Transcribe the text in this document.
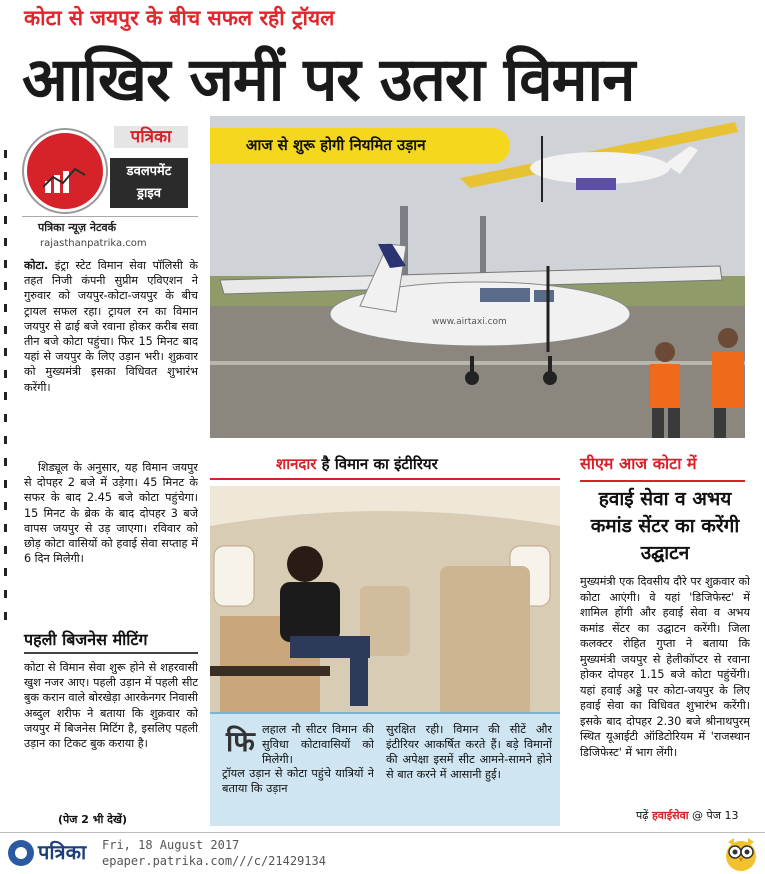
कोटा से जयपुर के बीच सफल रही ट्रॉयल
आखिर जमीं पर उतरा विमान
पत्रिका
डवलपमेंट
ड्राइव
पत्रिका न्यूज़ नेटवर्क
rajasthanpatrika.com
कोटा. इंट्रा स्टेट विमान सेवा पॉलिसी के तहत निजी कंपनी सुप्रीम एविएशन ने गुरुवार को जयपुर-कोटा-जयपुर के बीच ट्रायल सफल रहा। ट्रायल रन का विमान जयपुर से ढाई बजे रवाना होकर करीब सवा तीन बजे कोटा पहुंचा। फिर 15 मिनट बाद यहां से जयपुर के लिए उड़ान भरी। शुक्रवार को मुख्यमंत्री इसका विधिवत शुभारंभ करेंगी।
शिड्यूल के अनुसार, यह विमान जयपुर से दोपहर 2 बजे में उड़ेगा। 45 मिनट के सफर के बाद 2.45 बजे कोटा पहुंचेगा। 15 मिनट के ब्रेक के बाद दोपहर 3 बजे वापस जयपुर से उड़ जाएगा। रविवार को छोड़ कोटा वासियों को हवाई सेवा सप्ताह में 6 दिन मिलेगी।
पहली बिजनेस मीटिंग
कोटा से विमान सेवा शुरू होने से शहरवासी खुश नजर आए। पहली उड़ान में पहली सीट बुक करान वाले बोरखेड़ा आरकेनगर निवासी अब्दुल शरीफ ने बताया कि शुक्रवार को जयपुर में बिजनेस मिटिंग है, इसलिए पहली उड़ान का टिकट बुक कराया है।
(पेज 2 भी देखें)
www.airtaxi.com
आज से शुरू होगी नियमित उड़ान
शानदार है विमान का इंटीरियर
फि लहाल नौ सीटर विमान की सुविधा कोटावासियों को मिलेगी।
ट्रॉयल उड़ान से कोटा पहुंचे यात्रियों ने बताया कि उड़ान
सुरक्षित रही। विमान की सीटें और इंटीरियर आकर्षित करते हैं। बड़े विमानों की अपेक्षा इसमें सीट आमने-सामने होने से बात करने में आसानी हुई।
सीएम आज कोटा में
हवाई सेवा व अभय कमांड सेंटर का करेंगी उद्घाटन
मुख्यमंत्री एक दिवसीय दौरे पर शुक्रवार को कोटा आएंगी। वे यहां 'डिजिफेस्ट' में शामिल होंगी और हवाई सेवा व अभय कमांड सेंटर का उद्घाटन करेंगी। जिला कलक्टर रोहित गुप्ता ने बताया कि मुख्यमंत्री जयपुर से हेलीकॉप्टर से रवाना होकर दोपहर 1.15 बजे कोटा पहुंचेंगी। यहां हवाई अड्डे पर कोटा-जयपुर के लिए हवाई सेवा का विधिवत शुभारंभ करेंगी। इसके बाद दोपहर 2.30 बजे श्रीनाथपुरम् स्थित यूआईटी ऑडिटोरियम में 'राजस्थान डिजिफेस्ट' में भाग लेंगी।
पढ़ें हवाईसेवा @ पेज 13
पत्रिका Fri, 18 August 2017
epaper.patrika.com///c/21429134
